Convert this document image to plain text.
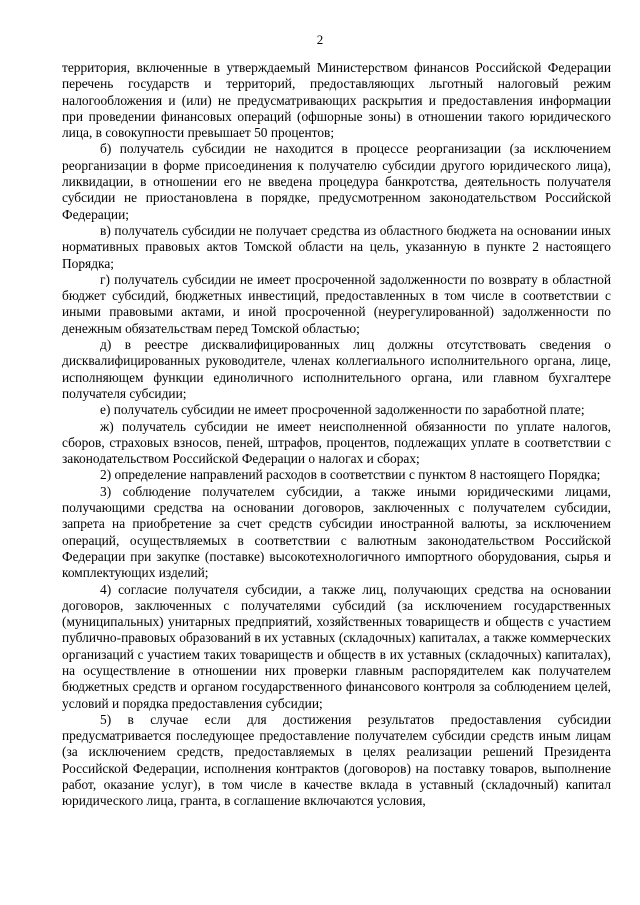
2

территория, включенные в утверждаемый Министерством финансов Российской Федерации перечень государств и территорий, предоставляющих льготный налоговый режим налогообложения и (или) не предусматривающих раскрытия и предоставления информации при проведении финансовых операций (офшорные зоны) в отношении такого юридического лица, в совокупности превышает 50 процентов;

б) получатель субсидии не находится в процессе реорганизации (за исключением реорганизации в форме присоединения к получателю субсидии другого юридического лица), ликвидации, в отношении его не введена процедура банкротства, деятельность получателя субсидии не приостановлена в порядке, предусмотренном законодательством Российской Федерации;

в) получатель субсидии не получает средства из областного бюджета на основании иных нормативных правовых актов Томской области на цель, указанную в пункте 2 настоящего Порядка;

г) получатель субсидии не имеет просроченной задолженности по возврату в областной бюджет субсидий, бюджетных инвестиций, предоставленных в том числе в соответствии с иными правовыми актами, и иной просроченной (неурегулированной) задолженности по денежным обязательствам перед Томской областью;

д) в реестре дисквалифицированных лиц должны отсутствовать сведения о дисквалифицированных руководителе, членах коллегиального исполнительного органа, лице, исполняющем функции единоличного исполнительного органа, или главном бухгалтере получателя субсидии;

е) получатель субсидии не имеет просроченной задолженности по заработной плате;

ж) получатель субсидии не имеет неисполненной обязанности по уплате налогов, сборов, страховых взносов, пеней, штрафов, процентов, подлежащих уплате в соответствии с законодательством Российской Федерации о налогах и сборах;

2) определение направлений расходов в соответствии с пунктом 8 настоящего Порядка;

3) соблюдение получателем субсидии, а также иными юридическими лицами, получающими средства на основании договоров, заключенных с получателем субсидии, запрета на приобретение за счет средств субсидии иностранной валюты, за исключением операций, осуществляемых в соответствии с валютным законодательством Российской Федерации при закупке (поставке) высокотехнологичного импортного оборудования, сырья и комплектующих изделий;

4) согласие получателя субсидии, а также лиц, получающих средства на основании договоров, заключенных с получателями субсидий (за исключением государственных (муниципальных) унитарных предприятий, хозяйственных товариществ и обществ с участием публично-правовых образований в их уставных (складочных) капиталах, а также коммерческих организаций с участием таких товариществ и обществ в их уставных (складочных) капиталах), на осуществление в отношении них проверки главным распорядителем как получателем бюджетных средств и органом государственного финансового контроля за соблюдением целей, условий и порядка предоставления субсидии;

5) в случае если для достижения результатов предоставления субсидии предусматривается последующее предоставление получателем субсидии средств иным лицам (за исключением средств, предоставляемых в целях реализации решений Президента Российской Федерации, исполнения контрактов (договоров) на поставку товаров, выполнение работ, оказание услуг), в том числе в качестве вклада в уставный (складочный) капитал юридического лица, гранта, в соглашение включаются условия,
